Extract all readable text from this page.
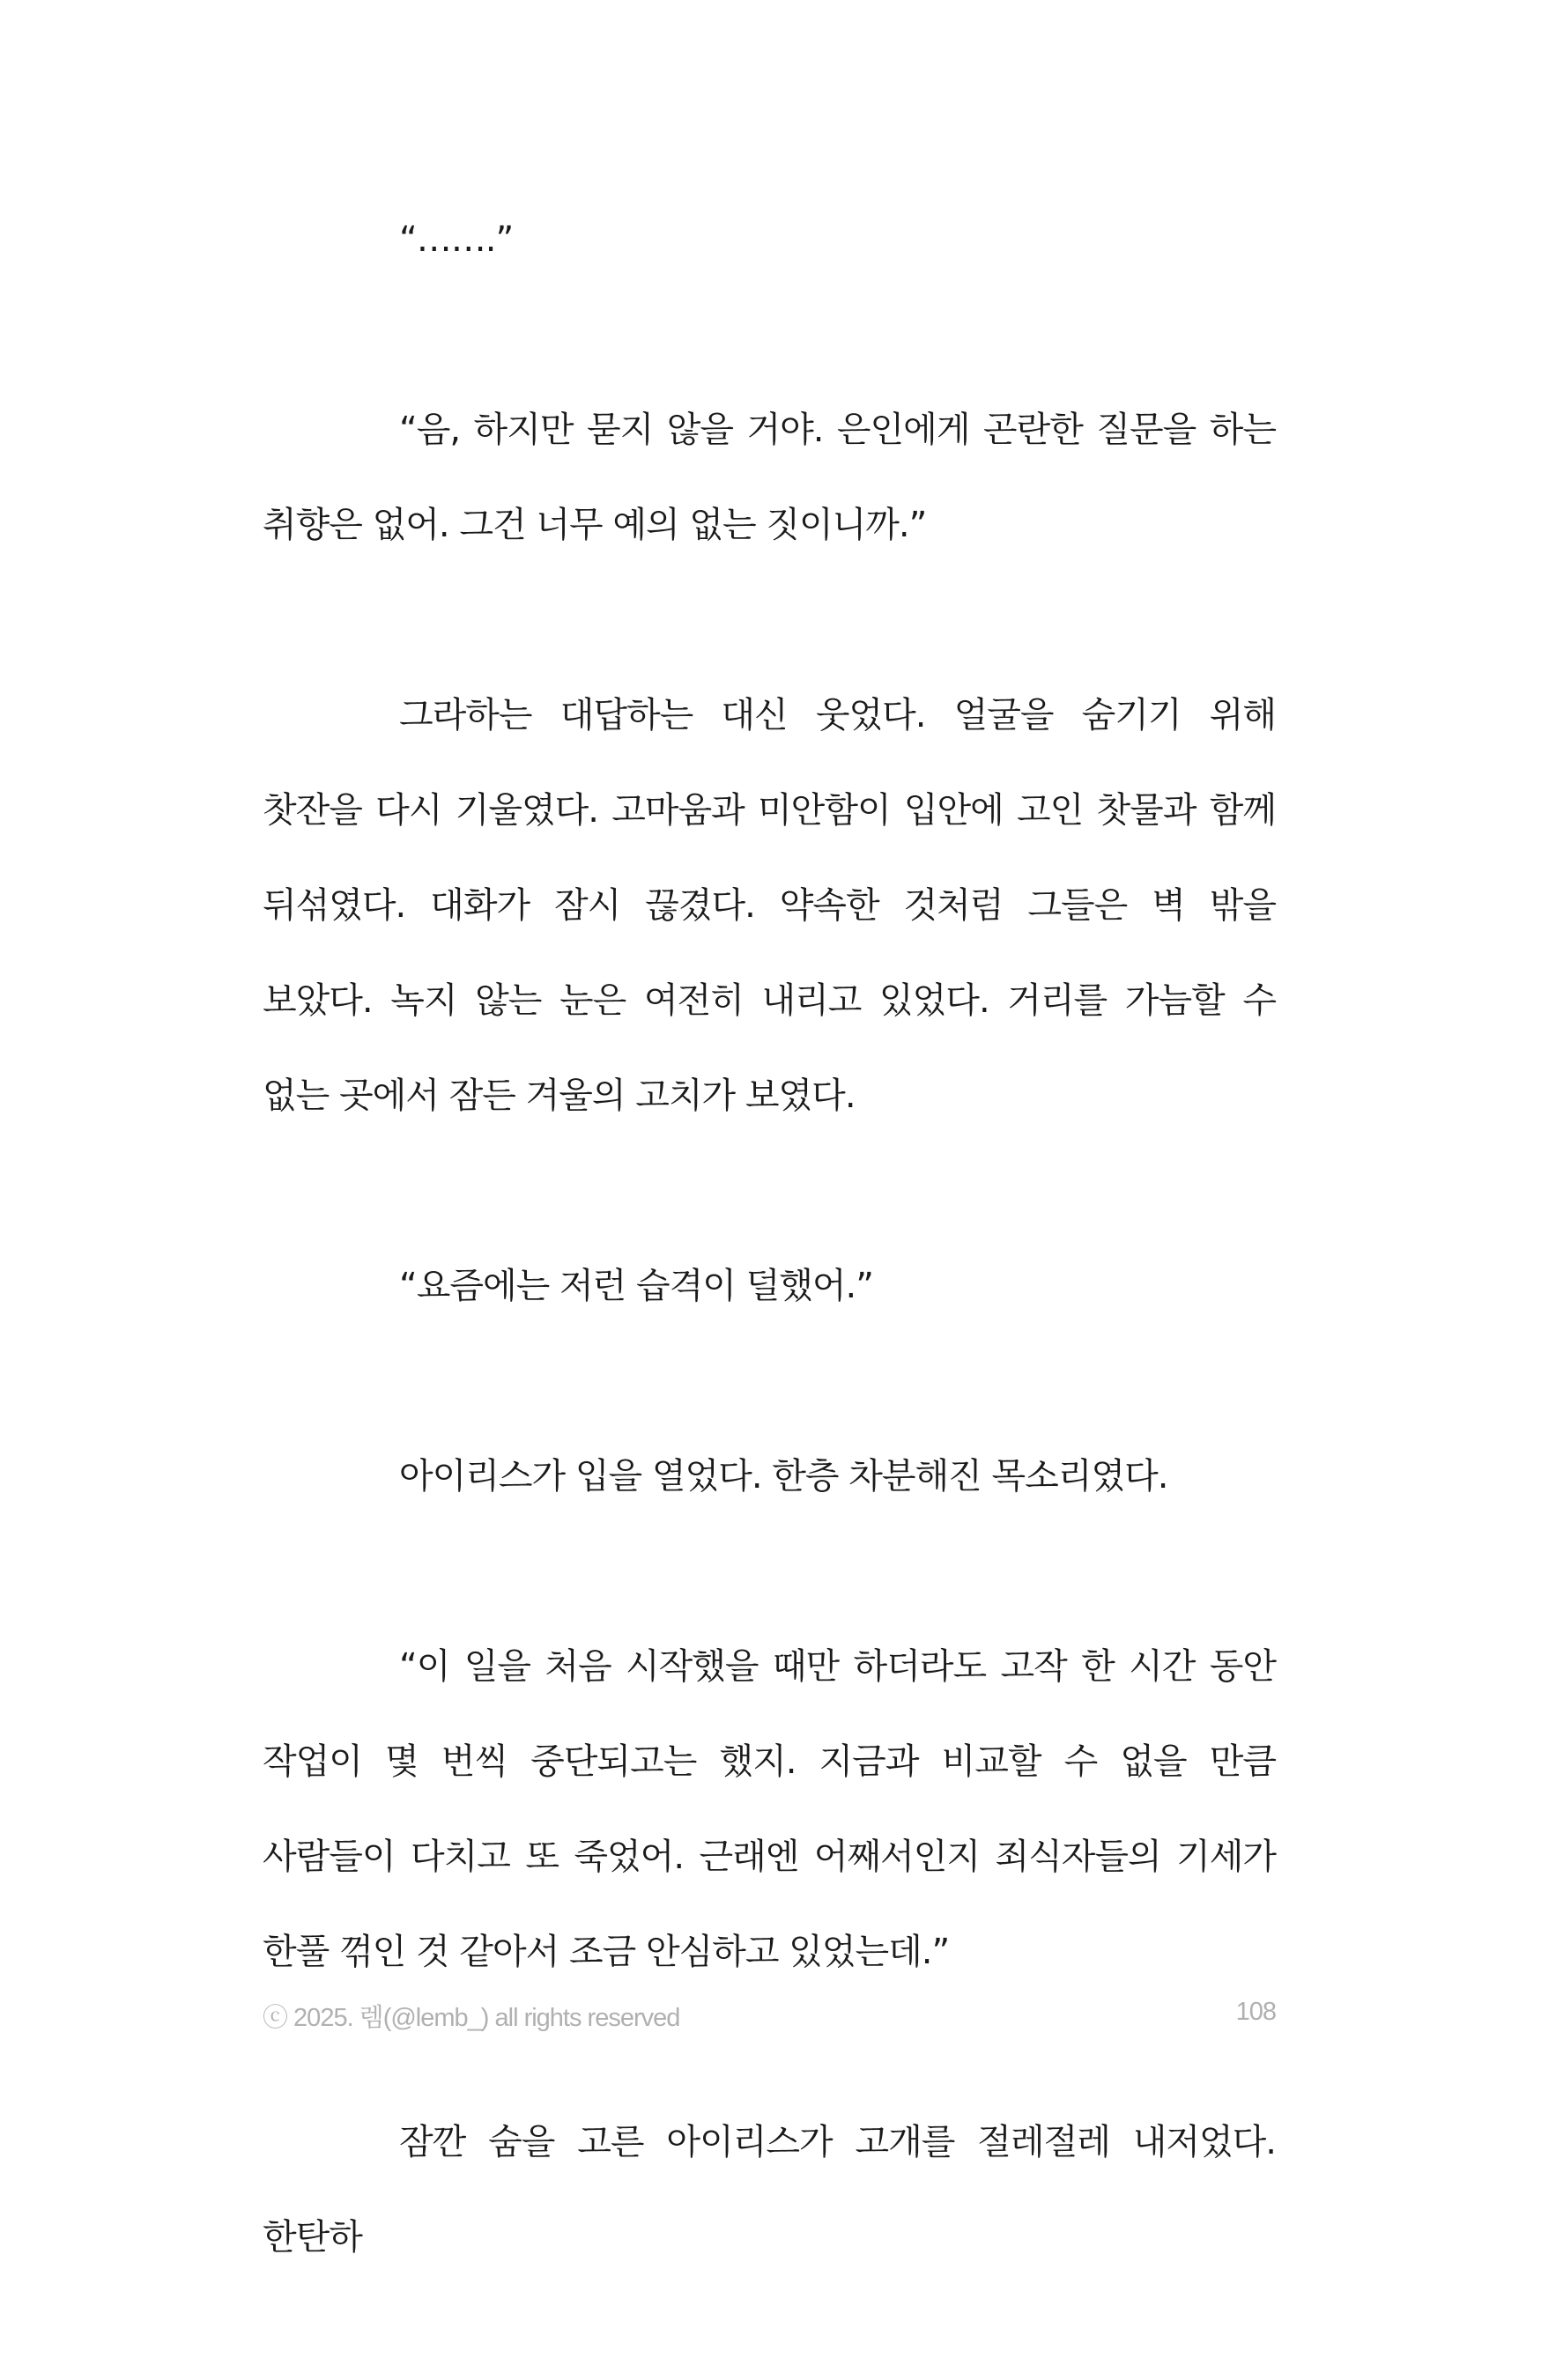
“…….”

“음, 하지만 묻지 않을 거야. 은인에게 곤란한 질문을 하는 취향은 없어. 그건 너무 예의 없는 짓이니까.”

그라하는 대답하는 대신 웃었다. 얼굴을 숨기기 위해 찻잔을 다시 기울였다. 고마움과 미안함이 입안에 고인 찻물과 함께 뒤섞였다. 대화가 잠시 끊겼다. 약속한 것처럼 그들은 벽 밖을 보았다. 녹지 않는 눈은 여전히 내리고 있었다. 거리를 가늠할 수 없는 곳에서 잠든 겨울의 고치가 보였다.

“요즘에는 저런 습격이 덜했어.”

아이리스가 입을 열었다. 한층 차분해진 목소리였다.

“이 일을 처음 시작했을 때만 하더라도 고작 한 시간 동안 작업이 몇 번씩 중단되고는 했지. 지금과 비교할 수 없을 만큼 사람들이 다치고 또 죽었어. 근래엔 어째서인지 죄식자들의 기세가 한풀 꺾인 것 같아서 조금 안심하고 있었는데.”

잠깐 숨을 고른 아이리스가 고개를 절레절레 내저었다. 한탄하

ⓒ 2025. 렘(@lemb_) all rights reserved	108
